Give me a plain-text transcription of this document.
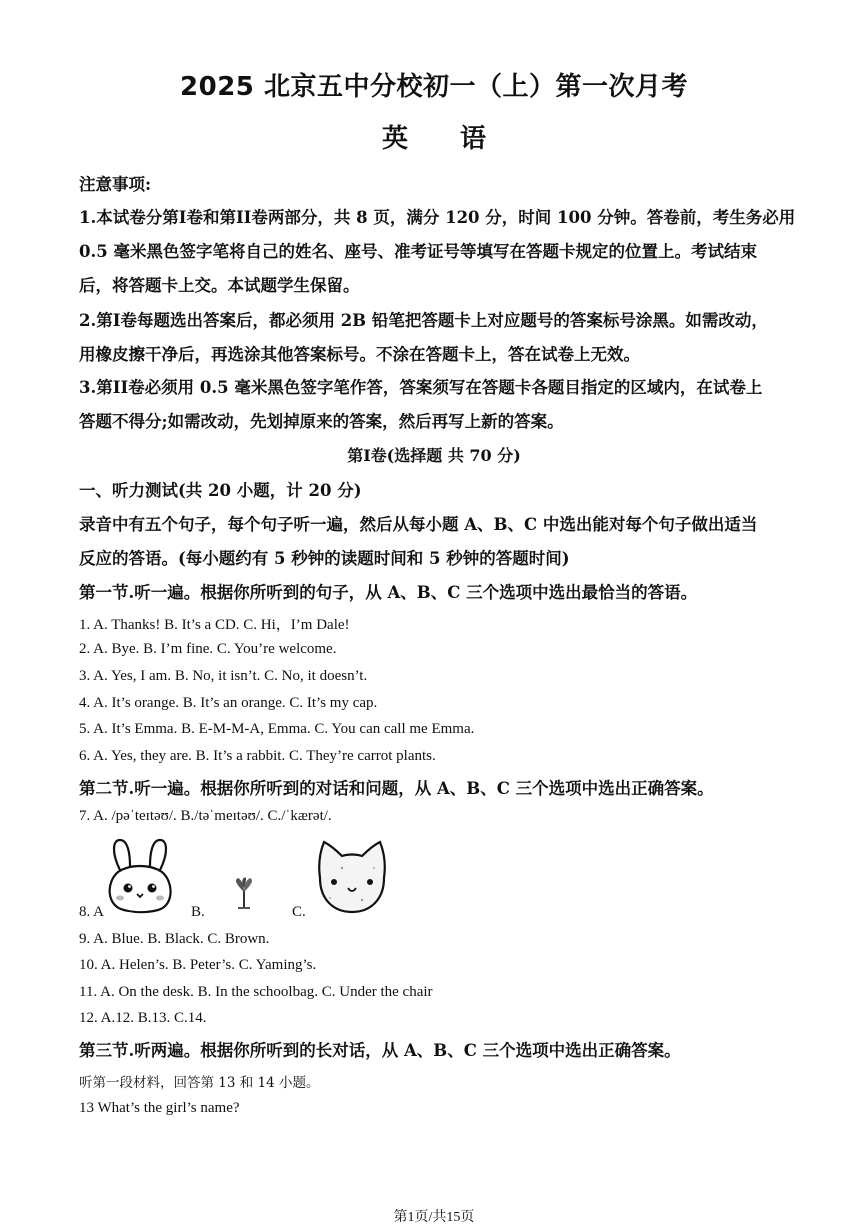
2025 北京五中分校初一（上）第一次月考
英　　语
注意事项:
1.本试卷分第I卷和第II卷两部分，共 8 页，满分 120 分，时间 100 分钟。答卷前，考生务必用
0.5 毫米黑色签字笔将自己的姓名、座号、准考证号等填写在答题卡规定的位置上。考试结束
后，将答题卡上交。本试题学生保留。
2.第I卷每题选出答案后，都必须用 2B 铅笔把答题卡上对应题号的答案标号涂黑。如需改动，
用橡皮擦干净后，再选涂其他答案标号。不涂在答题卡上，答在试卷上无效。
3.第II卷必须用 0.5 毫米黑色签字笔作答，答案须写在答题卡各题目指定的区域内，在试卷上
答题不得分;如需改动，先划掉原来的答案，然后再写上新的答案。
第I卷(选择题 共 70 分)
一、听力测试(共 20 小题，计 20 分)
录音中有五个句子，每个句子听一遍，然后从每小题 A、B、C 中选出能对每个句子做出适当
反应的答语。(每小题约有 5 秒钟的读题时间和 5 秒钟的答题时间)
第一节.听一遍。根据你所听到的句子，从 A、B、C 三个选项中选出最恰当的答语。
1. A. Thanks! B. It’s a CD. C. Hi，I’m Dale!
2. A. Bye. B. I’m fine. C. You’re welcome.
3. A. Yes, I am. B. No, it isn’t. C. No, it doesn’t.
4. A. It’s orange. B. It’s an orange. C. It’s my cap.
5. A. It’s Emma. B. E-M-M-A, Emma. C. You can call me Emma.
6. A. Yes, they are. B. It’s a rabbit. C. They’re carrot plants.
第二节.听一遍。根据你所听到的对话和问题，从 A、B、C 三个选项中选出正确答案。
7. A. /pəˈteɪtəʊ/. B./təˈmeɪtəʊ/. C./ˈkærət/.
8. A	B.	C.
9. A. Blue. B. Black. C. Brown.
10. A. Helen’s. B. Peter’s. C. Yaming’s.
11. A. On the desk. B. In the schoolbag. C. Under the chair
12. A.12. B.13. C.14.
第三节.听两遍。根据你所听到的长对话，从 A、B、C 三个选项中选出正确答案。
听第一段材料，回答第 13 和 14 小题。
13 What’s the girl’s name?
第1页/共15页
